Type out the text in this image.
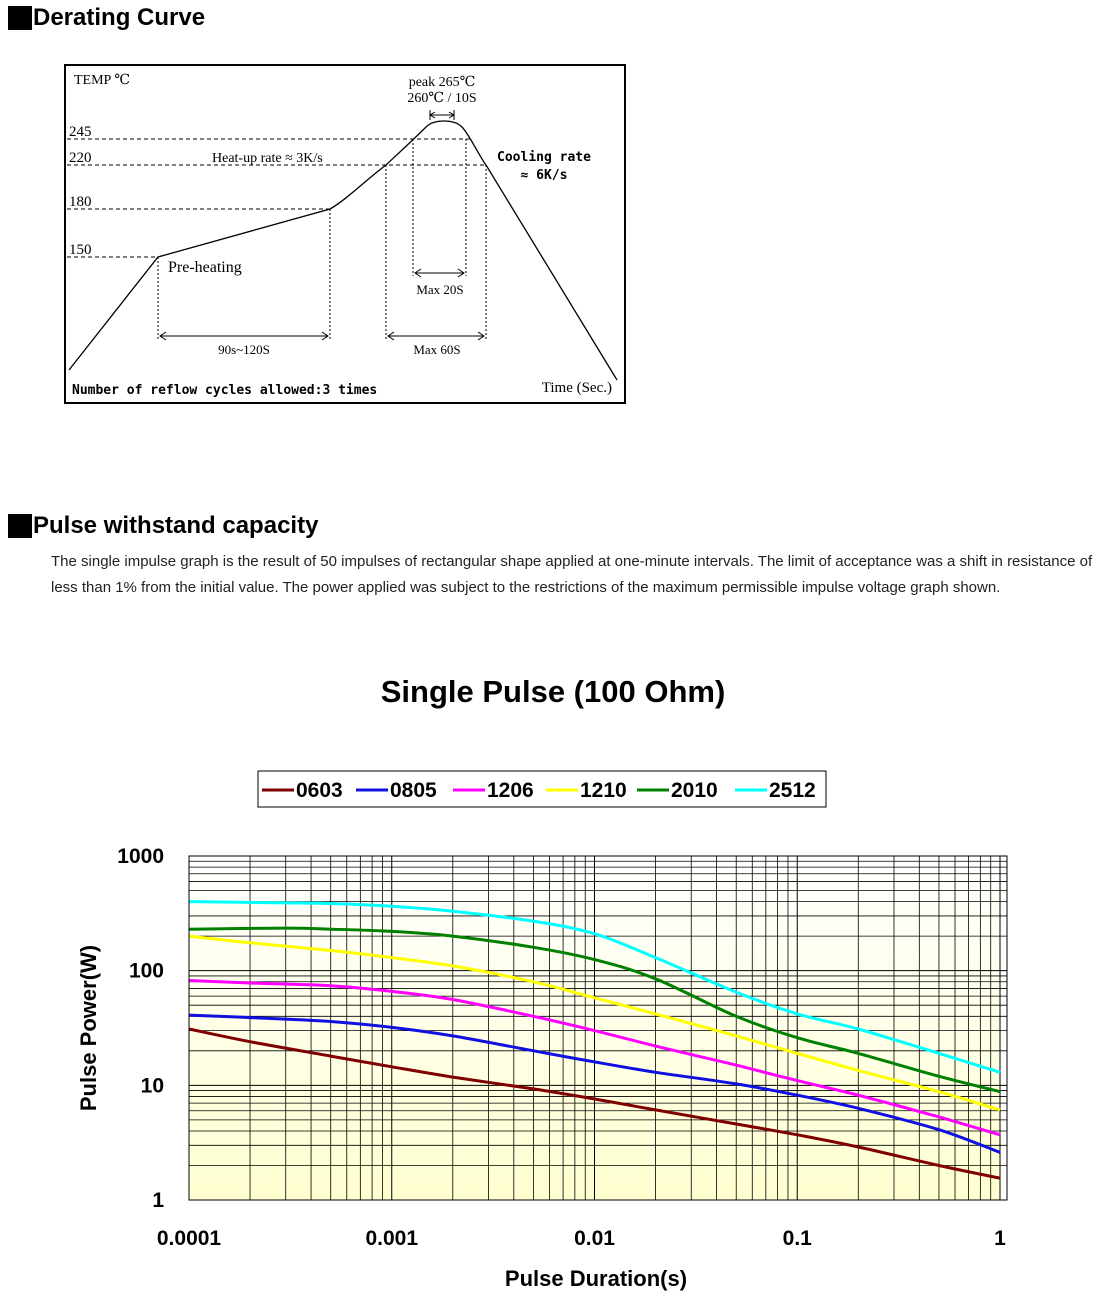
Derating Curve
TEMP ℃
245
220
180
150
peak 265℃
260℃ / 10S
Heat-up rate ≈ 3K/s	Cooling rate
≈ 6K/s
Pre-heating
Max 20S
90s~120S	Max 60S
Number of reflow cycles allowed:3 times	Time (Sec.)
Pulse withstand capacity

The single impulse graph is the result of 50 impulses of rectangular shape applied at one-minute intervals. The limit of acceptance was a shift in resistance of less than 1% from the initial value. The power applied was subject to the restrictions of the maximum permissible impulse voltage graph shown.

Single Pulse (100 Ohm)
0603 0805 1206 1210 2010 2512
0.0001	0.001	0.01	0.1	1
1
10
100
1000
Pulse Duration(s)
Pulse Power(W)
